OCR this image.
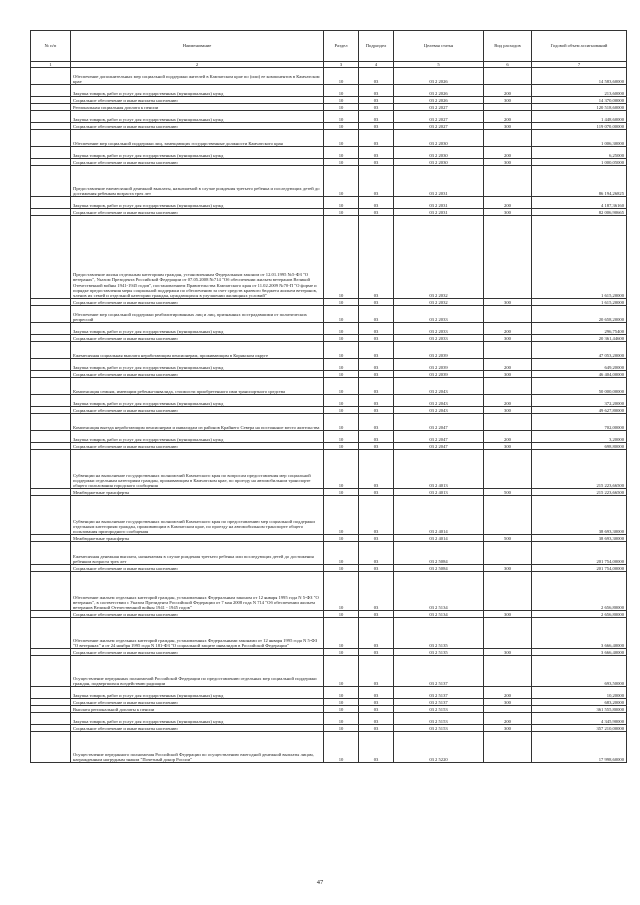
№ п/п	Наименование	Раздел	Подраздел	Целевая статья	Вид расходов	Годовой объем ассигнований
1	2	3	4	5	6	7
	Обеспечение дополнительных мер социальной поддержки жителей в Камчатском крае по (или) ее компонентов в Камчатском крае	10	03	03 2 2026		14 583,60000
	Закупка товаров, работ и услуг для государственных (муниципальных) нужд	10	03	03 2 2026	200	213,60000
	Социальное обеспечение и иные выплаты населению	10	03	03 2 2026	300	14 370,00000
	Региональная социальная доплата к пенсии	10	03	03 2 2027		120 518,60000
	Закупка товаров, работ и услуг для государственных (муниципальных) нужд	10	03	03 2 2027	200	1 448,60000
	Социальное обеспечение и иные выплаты населению	10	03	03 2 2027	300	119 070,00000
	Обеспечение мер социальной поддержки лиц, замещающих государственные должности Камчатского края	10	03	03 2 2030		1 006,30000
	Закупка товаров, работ и услуг для государственных (муниципальных) нужд	10	03	03 2 2030	200	6,25000
	Социальное обеспечение и иные выплаты населению	10	03	03 2 2030	300	1 000,05000
	Предоставление ежемесячной денежной выплаты, назначаемой в случае рождения третьего ребенка и последующих детей до достижения ребенком возраста трех лет	10	03	03 2 2031		86 194,26825
	Закупка товаров, работ и услуг для государственных (муниципальных) нужд	10	03	03 2 2031	200	4 187,36160
	Социальное обеспечение и иные выплаты населению	10	03	03 2 2031	300	82 006,90665
	Предоставление жилья отдельным категориям граждан, установленным Федеральным законом от 12.01.1995 №5-ФЗ "О ветеранах", Указом Президента Российской Федерации от 07.05.2008 №714 "Об обеспечении жильем ветеранов Великой Отечественной войны 1941-1945 годов", постановлением Правительства Камчатского края от 11.02.2009 №70-П "О форме и порядке предоставления меры социальной поддержки по обеспечению за счет средств краевого бюджета жильем ветеранов, членов их семей и отдельной категории граждан, нуждающихся в улучшении жилищных условий"	10	03	03 2 2032		1 615,20000
	Социальное обеспечение и иные выплаты населению	10	03	03 2 2032	300	1 615,20000
	Обеспечение мер социальной поддержки реабилитированных лиц и лиц, признанных пострадавшими от политических репрессий	10	03	03 2 2033		20 658,20000
	Закупка товаров, работ и услуг для государственных (муниципальных) нужд	10	03	03 2 2033	200	296,75400
	Социальное обеспечение и иные выплаты населению	10	03	03 2 2033	300	20 361,44600
	Ежемесячная социальная выплата неработающим пенсионерам, проживающим в Корякском округе	10	03	03 2 2039		47 053,20000
	Закупка товаров, работ и услуг для государственных (муниципальных) нужд	10	03	03 2 2039	200	649,20000
	Социальное обеспечение и иные выплаты населению	10	03	03 2 2039	300	46 404,00000
	Компенсация семьям, имеющим ребенка-инвалида, стоимости приобретенного ими транспортного средства	10	03	03 2 2043		50 000,00000
	Закупка товаров, работ и услуг для государственных (муниципальных) нужд	10	03	03 2 2043	200	372,20000
	Социальное обеспечение и иные выплаты населению	10	03	03 2 2043	300	49 627,80000
	Компенсация выезда неработающим пенсионерам и инвалидам из районов Крайнего Севера на постоянное место жительства	10	03	03 2 2047		702,00000
	Закупка товаров, работ и услуг для государственных (муниципальных) нужд	10	03	03 2 2047	200	3,20000
	Социальное обеспечение и иные выплаты населению	10	03	03 2 2047	300	698,80000
	Субвенции на выполнение государственных полномочий Камчатского края по вопросам предоставления мер социальной поддержки отдельным категориям граждан, проживающим в Камчатском крае, по проезду на автомобильном транспорте общего пользования городского сообщения	10	03	03 2 4013		215 223,66500
	Межбюджетные трансферты	10	03	03 2 4013	500	215 223,66500
	Субвенции на выполнение государственных полномочий Камчатского края по предоставлению мер социальной поддержки отдельным категориям граждан, проживающим в Камчатском крае, по проезду на автомобильном транспорте общего пользования пригородного сообщения	10	03	03 2 4014		38 693,30000
	Межбюджетные трансферты	10	03	03 2 4014	500	38 693,30000
	Ежемесячная денежная выплата, назначаемая в случае рождения третьего ребенка или последующих детей до достижения ребенком возраста трех лет	10	03	03 2 5084		201 754,00000
	Социальное обеспечение и иные выплаты населению	10	03	03 2 5084	300	201 754,00000
	Обеспечение жильем отдельных категорий граждан, установленных Федеральным законом от 12 января 1995 года N 5-ФЗ "О ветеранах", в соответствии с Указом Президента Российской Федерации от 7 мая 2008 года N 714 "Об обеспечении жильем ветеранов Великой Отечественной войны 1941 - 1945 годов"	10	03	03 2 5134		2 656,80000
	Социальное обеспечение и иные выплаты населению	10	03	03 2 5134	300	2 656,80000
	Обеспечение жильем отдельных категорий граждан, установленных Федеральными законами от 12 января 1995 года N 5-ФЗ "О ветеранах" и от 24 ноября 1995 года N 181-ФЗ "О социальной защите инвалидов в Российской Федерации"	10	03	03 2 5135		3 666,40000
	Социальное обеспечение и иные выплаты населению	10	03	03 2 5135	300	3 666,40000
	Осуществление переданных полномочий Российской Федерации по предоставлению отдельных мер социальной поддержки граждан, подвергшихся воздействию радиации	10	03	03 2 5137		693,50000
	Закупка товаров, работ и услуг для государственных (муниципальных) нужд	10	03	03 2 5137	200	10,20000
	Социальное обеспечение и иные выплаты населению	10	03	03 2 5137	300	683,20000
	Выплата региональной доплаты к пенсии	10	03	03 2 5153		361 555,80000
	Закупка товаров, работ и услуг для государственных (муниципальных) нужд	10	03	03 2 5153	200	4 345,90000
	Социальное обеспечение и иные выплаты населению	10	03	03 2 5153	300	357 210,00000
	Осуществление переданного полномочия Российской Федерации по осуществлению ежегодной денежной выплаты лицам, награжденным нагрудным знаком "Почетный донор России"	10	03	03 2 5220		17 998,60000
47
